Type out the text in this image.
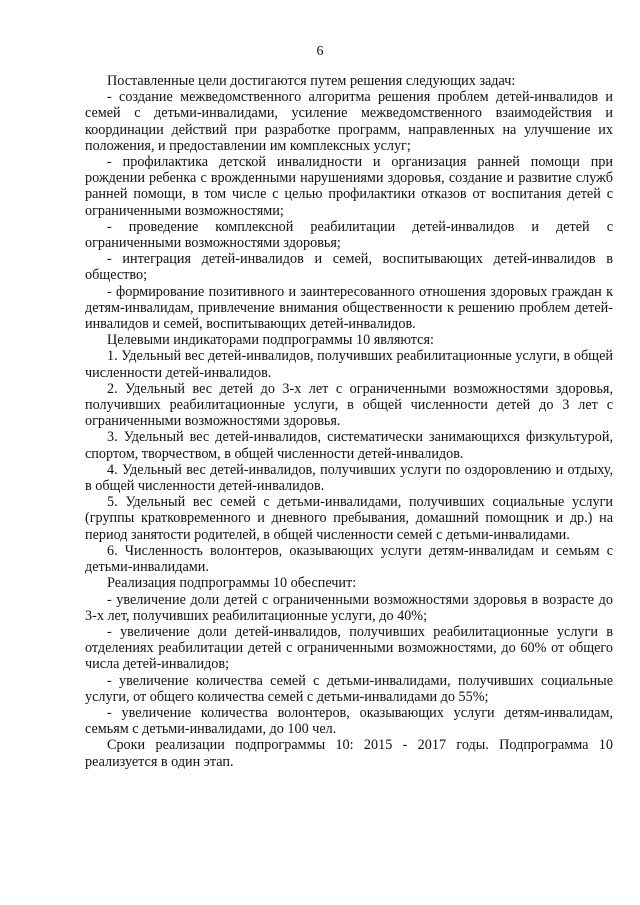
6

Поставленные цели достигаются путем решения следующих задач:

- создание межведомственного алгоритма решения проблем детей-инвалидов и семей с детьми-инвалидами, усиление межведомственного взаимодействия и координации действий при разработке программ, направленных на улучшение их положения, и предоставлении им комплексных услуг;

- профилактика детской инвалидности и организация ранней помощи при рождении ребенка с врожденными нарушениями здоровья, создание и развитие служб ранней помощи, в том числе с целью профилактики отказов от воспитания детей с ограниченными возможностями;

- проведение комплексной реабилитации детей-инвалидов и детей с ограниченными возможностями здоровья;

- интеграция детей-инвалидов и семей, воспитывающих детей-инвалидов в общество;

- формирование позитивного и заинтересованного отношения здоровых граждан к детям-инвалидам, привлечение внимания общественности к решению проблем детей-инвалидов и семей, воспитывающих детей-инвалидов.

Целевыми индикаторами подпрограммы 10 являются:

1. Удельный вес детей-инвалидов, получивших реабилитационные услуги, в общей численности детей-инвалидов.

2. Удельный вес детей до 3-х лет с ограниченными возможностями здоровья, получивших реабилитационные услуги, в общей численности детей до 3 лет с ограниченными возможностями здоровья.

3. Удельный вес детей-инвалидов, систематически занимающихся физкультурой, спортом, творчеством, в общей численности детей-инвалидов.

4. Удельный вес детей-инвалидов, получивших услуги по оздоровлению и отдыху, в общей численности детей-инвалидов.

5. Удельный вес семей с детьми-инвалидами, получивших социальные услуги (группы кратковременного и дневного пребывания, домашний помощник и др.) на период занятости родителей, в общей численности семей с детьми-инвалидами.

6. Численность волонтеров, оказывающих услуги детям-инвалидам и семьям с детьми-инвалидами.

Реализация подпрограммы 10 обеспечит:

- увеличение доли детей с ограниченными возможностями здоровья в возрасте до 3-х лет, получивших реабилитационные услуги, до 40%;

- увеличение доли детей-инвалидов, получивших реабилитационные услуги в отделениях реабилитации детей с ограниченными возможностями, до 60% от общего числа детей-инвалидов;

- увеличение количества семей с детьми-инвалидами, получивших социальные услуги, от общего количества семей с детьми-инвалидами до 55%;

- увеличение количества волонтеров, оказывающих услуги детям-инвалидам, семьям с детьми-инвалидами, до 100 чел.

Сроки реализации подпрограммы 10: 2015 - 2017 годы. Подпрограмма 10 реализуется в один этап.
